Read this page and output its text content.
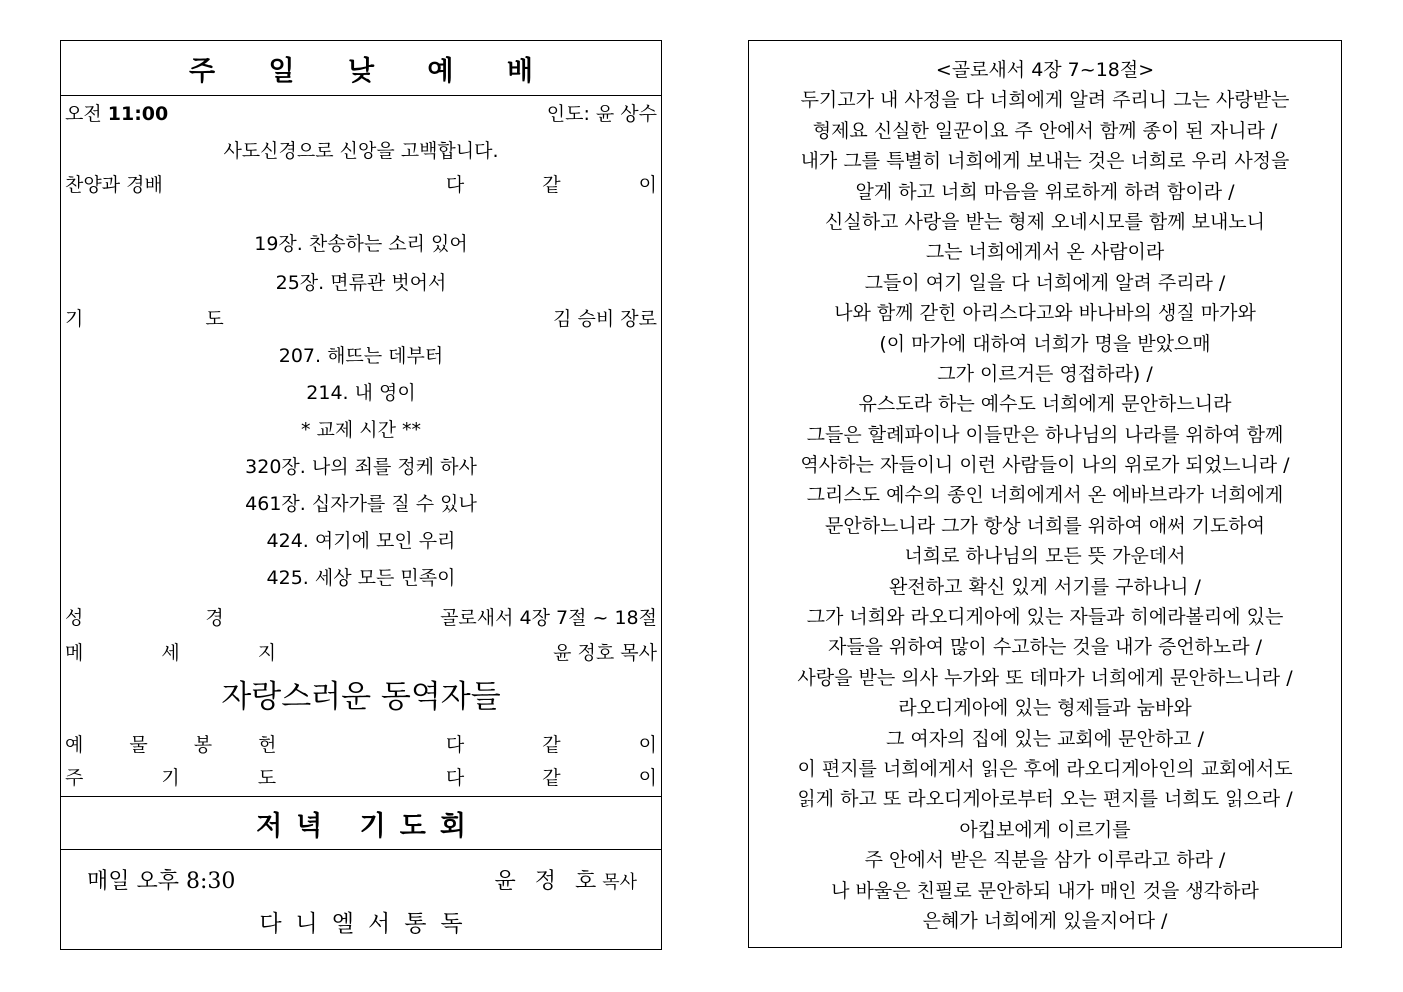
주 일 낮 예 배
오전 11:00	인도: 윤 상수
사도신경으로 신앙을 고백합니다.
찬양과 경배	다 같 이
19장. 찬송하는 소리 있어
25장. 면류관 벗어서
기 도	김 승비 장로
207. 해뜨는 데부터
214. 내 영이
* 교제 시간 **
320장. 나의 죄를 정케 하사
461장. 십자가를 질 수 있나
424. 여기에 모인 우리
425. 세상 모든 민족이
성 경	골로새서 4장 7절 ~ 18절
메 세 지	윤 정호 목사
자랑스러운 동역자들
예 물 봉 헌	다 같 이
주 기 도	다 같 이
저녁 기도회
매일 오후 8:30	윤 정 호목사
다니엘서통독
<골로새서 4장 7~18절>
두기고가 내 사정을 다 너희에게 알려 주리니 그는 사랑받는
형제요 신실한 일꾼이요 주 안에서 함께 종이 된 자니라 /
내가 그를 특별히 너희에게 보내는 것은 너희로 우리 사정을
알게 하고 너희 마음을 위로하게 하려 함이라 /
신실하고 사랑을 받는 형제 오네시모를 함께 보내노니
그는 너희에게서 온 사람이라
그들이 여기 일을 다 너희에게 알려 주리라 /
나와 함께 갇힌 아리스다고와 바나바의 생질 마가와
(이 마가에 대하여 너희가 명을 받았으매
그가 이르거든 영접하라) /
유스도라 하는 예수도 너희에게 문안하느니라
그들은 할례파이나 이들만은 하나님의 나라를 위하여 함께
역사하는 자들이니 이런 사람들이 나의 위로가 되었느니라 /
그리스도 예수의 종인 너희에게서 온 에바브라가 너희에게
문안하느니라 그가 항상 너희를 위하여 애써 기도하여
너희로 하나님의 모든 뜻 가운데서
완전하고 확신 있게 서기를 구하나니 /
그가 너희와 라오디게아에 있는 자들과 히에라볼리에 있는
자들을 위하여 많이 수고하는 것을 내가 증언하노라 /
사랑을 받는 의사 누가와 또 데마가 너희에게 문안하느니라 /
라오디게아에 있는 형제들과 눔바와
그 여자의 집에 있는 교회에 문안하고 /
이 편지를 너희에게서 읽은 후에 라오디게아인의 교회에서도
읽게 하고 또 라오디게아로부터 오는 편지를 너희도 읽으라 /
아킵보에게 이르기를
주 안에서 받은 직분을 삼가 이루라고 하라 /
나 바울은 친필로 문안하되 내가 매인 것을 생각하라
은혜가 너희에게 있을지어다 /
